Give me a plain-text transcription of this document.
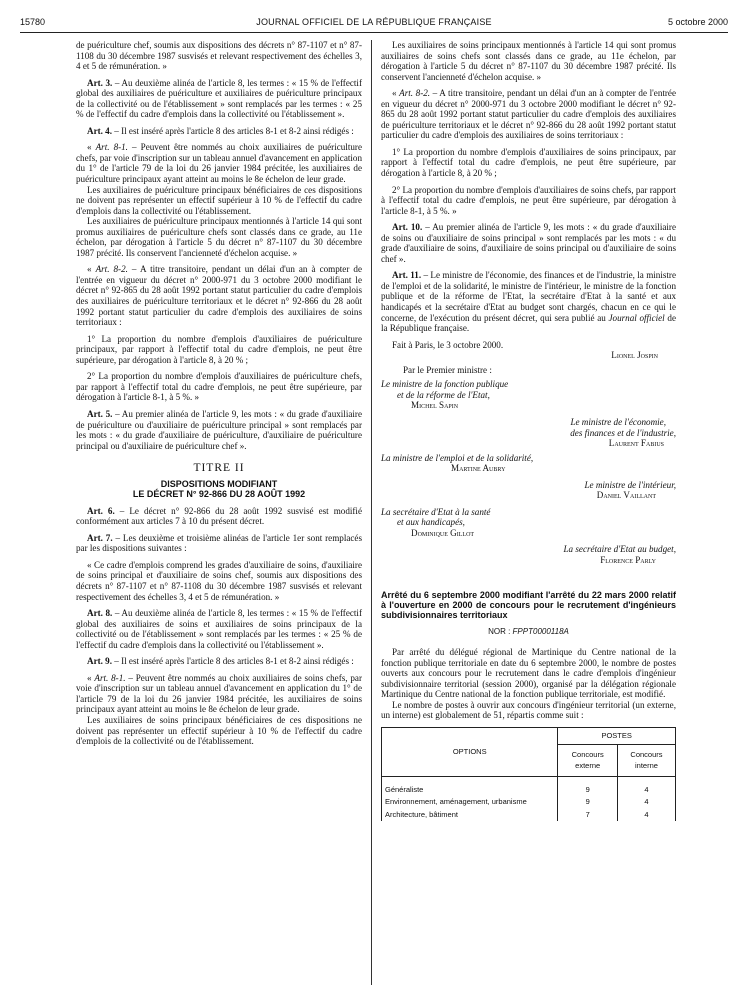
15780	JOURNAL OFFICIEL DE LA RÉPUBLIQUE FRANÇAISE	5 octobre 2000

de puériculture chef, soumis aux dispositions des décrets n° 87-1107 et n° 87-1108 du 30 décembre 1987 susvisés et relevant respectivement des échelles 3, 4 et 5 de rémunération. »

Art. 3. – Au deuxième alinéa de l'article 8, les termes : « 15 % de l'effectif global des auxiliaires de puériculture et auxiliaires de puériculture principaux de la collectivité ou de l'établissement » sont remplacés par les termes : « 25 % de l'effectif du cadre d'emplois dans la collectivité ou l'établissement ».

Art. 4. – Il est inséré après l'article 8 des articles 8-1 et 8-2 ainsi rédigés :

« Art. 8-1. – Peuvent être nommés au choix auxiliaires de puériculture chefs, par voie d'inscription sur un tableau annuel d'avancement en application du 1° de l'article 79 de la loi du 26 janvier 1984 précitée, les auxiliaires de puériculture principaux ayant atteint au moins le 8e échelon de leur grade.

Les auxiliaires de puériculture principaux bénéficiaires de ces dispositions ne doivent pas représenter un effectif supérieur à 10 % de l'effectif du cadre d'emplois dans la collectivité ou l'établissement.

Les auxiliaires de puériculture principaux mentionnés à l'article 14 qui sont promus auxiliaires de puériculture chefs sont classés dans ce grade, au 11e échelon, par dérogation à l'article 5 du décret n° 87-1107 du 30 décembre 1987 précité. Ils conservent l'ancienneté d'échelon acquise. »

« Art. 8-2. – A titre transitoire, pendant un délai d'un an à compter de l'entrée en vigueur du décret n° 2000-971 du 3 octobre 2000 modifiant le décret n° 92-865 du 28 août 1992 portant statut particulier du cadre d'emplois des auxiliaires de puériculture territoriaux et le décret n° 92-866 du 28 août 1992 portant statut particulier du cadre d'emplois des auxiliaires de soins territoriaux :

1° La proportion du nombre d'emplois d'auxiliaires de puériculture principaux, par rapport à l'effectif total du cadre d'emplois, ne peut être supérieure, par dérogation à l'article 8, à 20 % ;

2° La proportion du nombre d'emplois d'auxiliaires de puériculture chefs, par rapport à l'effectif total du cadre d'emplois, ne peut être supérieure, par dérogation à l'article 8-1, à 5 %. »

Art. 5. – Au premier alinéa de l'article 9, les mots : « du grade d'auxiliaire de puériculture ou d'auxiliaire de puériculture principal » sont remplacés par les mots : « du grade d'auxiliaire de puériculture, d'auxiliaire de puériculture principal ou d'auxiliaire de puériculture chef ».

TITRE II
DISPOSITIONS MODIFIANT
LE DÉCRET N° 92-866 DU 28 AOÛT 1992

Art. 6. – Le décret n° 92-866 du 28 août 1992 susvisé est modifié conformément aux articles 7 à 10 du présent décret.

Art. 7. – Les deuxième et troisième alinéas de l'article 1er sont remplacés par les dispositions suivantes :

« Ce cadre d'emplois comprend les grades d'auxiliaire de soins, d'auxiliaire de soins principal et d'auxiliaire de soins chef, soumis aux dispositions des décrets n° 87-1107 et n° 87-1108 du 30 décembre 1987 susvisés et relevant respectivement des échelles 3, 4 et 5 de rémunération. »

Art. 8. – Au deuxième alinéa de l'article 8, les termes : « 15 % de l'effectif global des auxiliaires de soins et auxiliaires de soins principaux de la collectivité ou de l'établissement » sont remplacés par les termes : « 25 % de l'effectif du cadre d'emplois dans la collectivité ou l'établissement ».

Art. 9. – Il est inséré après l'article 8 des articles 8-1 et 8-2 ainsi rédigés :

« Art. 8-1. – Peuvent être nommés au choix auxiliaires de soins chefs, par voie d'inscription sur un tableau annuel d'avancement en application du 1° de l'article 79 de la loi du 26 janvier 1984 précitée, les auxiliaires de soins principaux ayant atteint au moins le 8e échelon de leur grade.

Les auxiliaires de soins principaux bénéficiaires de ces dispositions ne doivent pas représenter un effectif supérieur à 10 % de l'effectif du cadre d'emplois de la collectivité ou de l'établissement.

Les auxiliaires de soins principaux mentionnés à l'article 14 qui sont promus auxiliaires de soins chefs sont classés dans ce grade, au 11e échelon, par dérogation à l'article 5 du décret n° 87-1107 du 30 décembre 1987 précité. Ils conservent l'ancienneté d'échelon acquise. »

« Art. 8-2. – A titre transitoire, pendant un délai d'un an à compter de l'entrée en vigueur du décret n° 2000-971 du 3 octobre 2000 modifiant le décret n° 92-865 du 28 août 1992 portant statut particulier du cadre d'emplois des auxiliaires de puériculture territoriaux et le décret n° 92-866 du 28 août 1992 portant statut particulier du cadre d'emplois des auxiliaires de soins territoriaux :

1° La proportion du nombre d'emplois d'auxiliaires de soins principaux, par rapport à l'effectif total du cadre d'emplois, ne peut être supérieure, par dérogation à l'article 8, à 20 % ;

2° La proportion du nombre d'emplois d'auxiliaires de soins chefs, par rapport à l'effectif total du cadre d'emplois, ne peut être supérieure, par dérogation à l'article 8-1, à 5 %. »

Art. 10. – Au premier alinéa de l'article 9, les mots : « du grade d'auxiliaire de soins ou d'auxiliaire de soins principal » sont remplacés par les mots : « du grade d'auxiliaire de soins, d'auxiliaire de soins principal ou d'auxiliaire de soins chef ».

Art. 11. – Le ministre de l'économie, des finances et de l'industrie, la ministre de l'emploi et de la solidarité, le ministre de l'intérieur, le ministre de la fonction publique et de la réforme de l'Etat, la secrétaire d'Etat à la santé et aux handicapés et la secrétaire d'Etat au budget sont chargés, chacun en ce qui le concerne, de l'exécution du présent décret, qui sera publié au Journal officiel de la République française.

Fait à Paris, le 3 octobre 2000.

Lionel Jospin

Par le Premier ministre :

Le ministre de la fonction publique

et de la réforme de l'Etat,

Michel Sapin

Le ministre de l'économie,

des finances et de l'industrie,

Laurent Fabius

La ministre de l'emploi et de la solidarité,

Martine Aubry

Le ministre de l'intérieur,

Daniel Vaillant

La secrétaire d'Etat à la santé

et aux handicapés,

Dominique Gillot

La secrétaire d'Etat au budget,

Florence Parly

Arrêté du 6 septembre 2000 modifiant l'arrêté du 22 mars 2000 relatif à l'ouverture en 2000 de concours pour le recrutement d'ingénieurs subdivisionnaires territoriaux
NOR : FPPT0000118A

Par arrêté du délégué régional de Martinique du Centre national de la fonction publique territoriale en date du 6 septembre 2000, le nombre de postes ouverts aux concours pour le recrutement dans le cadre d'emplois d'ingénieur subdivisionnaire territorial (session 2000), organisé par la délégation régionale Martinique du Centre national de la fonction publique territoriale, est modifié.

Le nombre de postes à ouvrir aux concours d'ingénieur territorial (un externe, un interne) est globalement de 51, répartis comme suit :

OPTIONS	POSTES	
	Concours externe	Concours interne
Généraliste	9	4
Environnement, aménagement, urbanisme	9	4
Architecture, bâtiment	7	4
